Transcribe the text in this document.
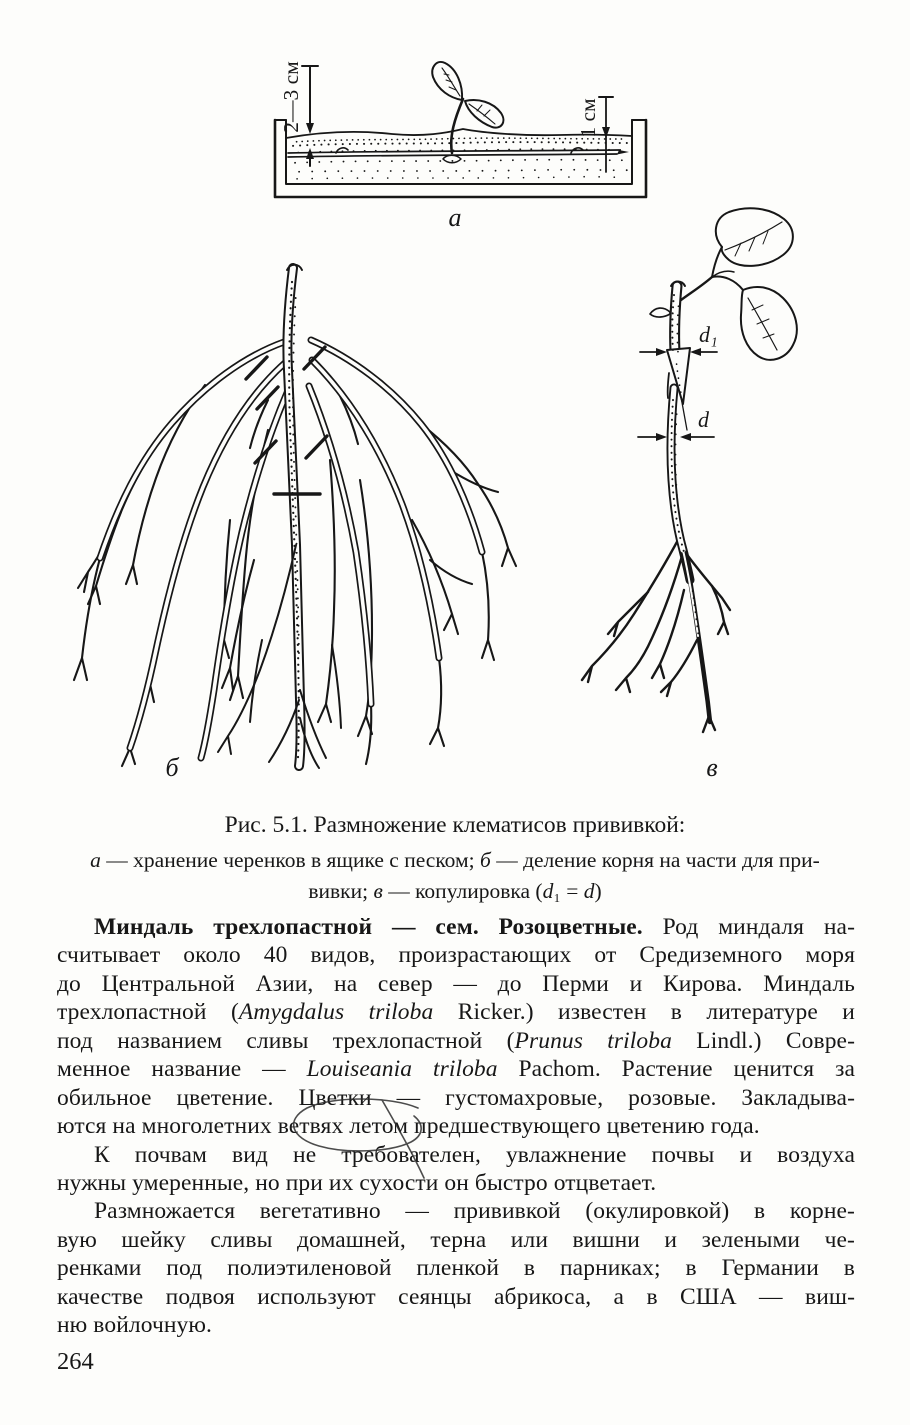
2—3 см	1 см
а
б
d₁
d
в
Рис. 5.1. Размножение клематисов прививкой:
а — хранение черенков в ящике с песком; б — деление корня на части для при-
вивки; в — копулировка (d₁ = d)
Миндаль трехлопастной — сем. Розоцветные. Род миндаля на-
считывает около 40 видов, произрастающих от Средиземного моря
до Центральной Азии, на север — до Перми и Кирова. Миндаль
трехлопастной (Amygdalus triloba Ricker.) известен в литературе и
под названием сливы трехлопастной (Prunus triloba Lindl.) Совре-
менное название — Louiseania triloba Pachom. Растение ценится за
обильное цветение. Цветки — густомахровые, розовые. Закладыва-
ются на многолетних ветвях летом предшествующего цветению года.
К почвам вид не требователен, увлажнение почвы и воздуха
нужны умеренные, но при их сухости он быстро отцветает.
Размножается вегетативно — прививкой (окулировкой) в корне-
вую шейку сливы домашней, терна или вишни и зелеными че-
ренками под полиэтиленовой пленкой в парниках; в Германии в
качестве подвоя используют сеянцы абрикоса, а в США — виш-
ню войлочную.
264
